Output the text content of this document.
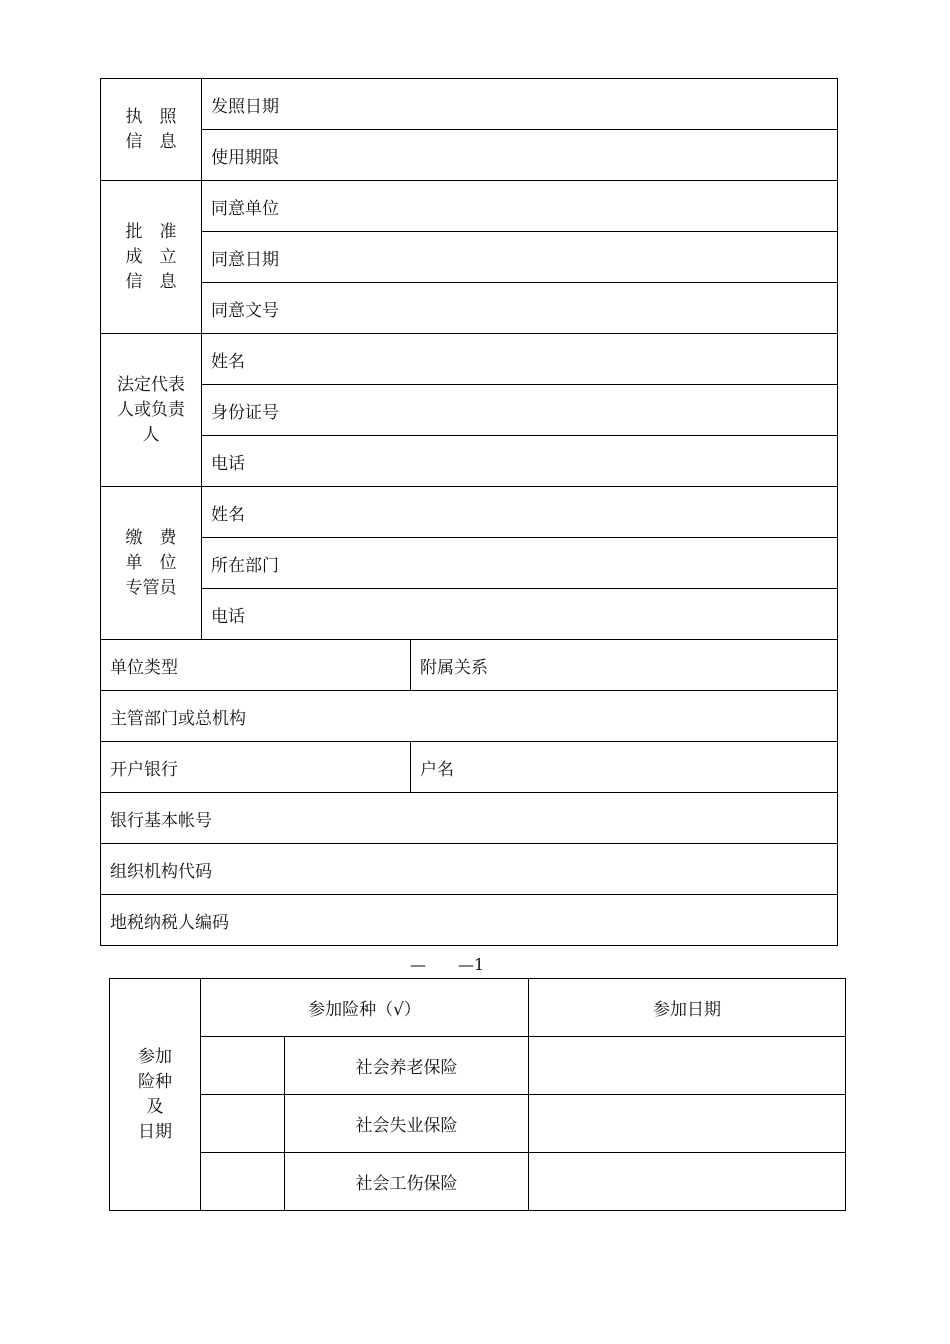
执　照
信　息	发照日期	
	使用期限	

批　准
成　立
信　息	同意单位	
	同意日期	
	同意文号	

法定代表
人或负责
人	姓名	
	身份证号	
	电话	

缴　费
单　位
专管员	姓名	
	所在部门	
	电话	
单位类型		附属关系
主管部门或总机构		
开户银行		户名
银行基本帐号		
组织机构代码		
地税纳税人编码		
—　　—1
参加
险种
及
日期	参加险种（√）		参加日期
		社会养老保险	
		社会失业保险	
		社会工伤保险	
